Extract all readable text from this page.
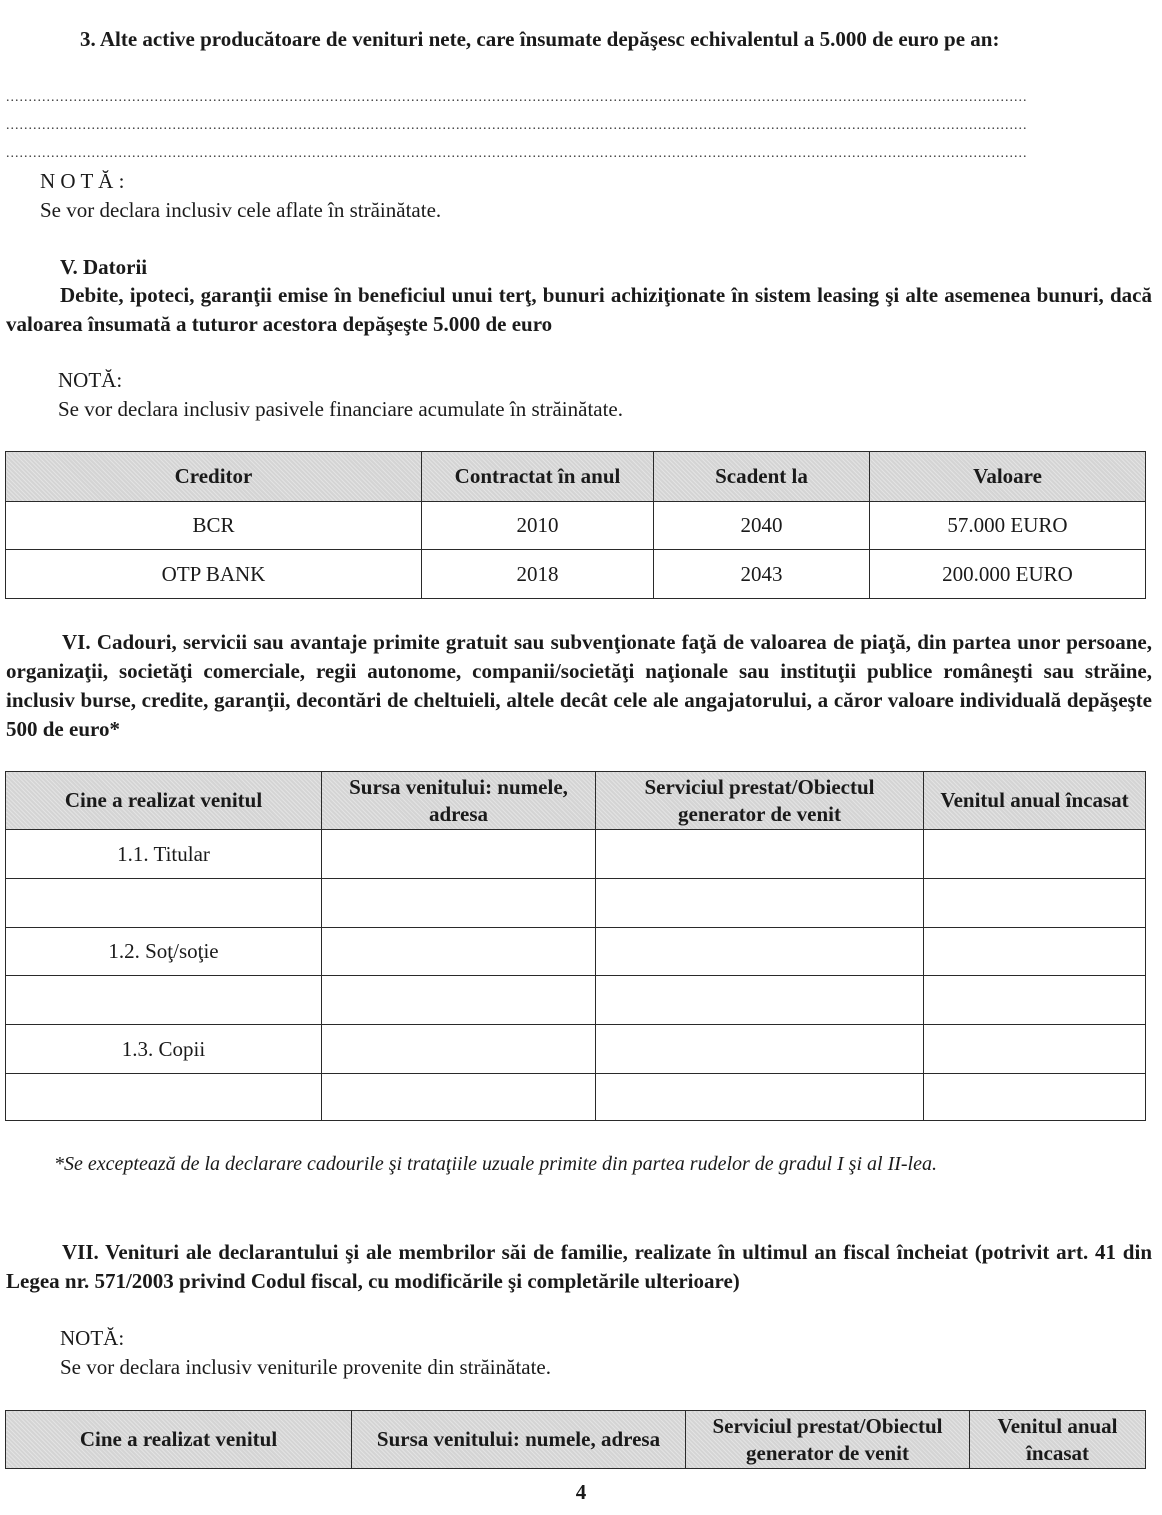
3. Alte active producătoare de venituri nete, care însumate depăşesc echivalentul a 5.000 de euro pe an:
...................................................................................................................................................................................................................................
...................................................................................................................................................................................................................................
...................................................................................................................................................................................................................................
N O T Ă :
Se vor declara inclusiv cele aflate în străinătate.
V. Datorii
Debite, ipoteci, garanţii emise în beneficiul unui terţ, bunuri achiziţionate în sistem leasing şi alte asemenea bunuri, dacă valoarea însumată a tuturor acestora depăşeşte 5.000 de euro
NOTĂ:
Se vor declara inclusiv pasivele financiare acumulate în străinătate.
Creditor	Contractat în anul	Scadent la	Valoare
BCR	2010	2040	57.000 EURO
OTP BANK	2018	2043	200.000 EURO
VI. Cadouri, servicii sau avantaje primite gratuit sau subvenţionate faţă de valoarea de piaţă, din partea unor persoane, organizaţii, societăţi comerciale, regii autonome, companii/societăţi naţionale sau instituţii publice româneşti sau străine, inclusiv burse, credite, garanţii, decontări de cheltuieli, altele decât cele ale angajatorului, a căror valoare individuală depăşeşte 500 de euro*
Cine a realizat venitul	Sursa venitului: numele, adresa	Serviciul prestat/Obiectul generator de venit	Venitul anual încasat
1.1. Titular			

1.2. Soţ/soţie			

1.3. Copii			

*Se exceptează de la declarare cadourile şi trataţiile uzuale primite din partea rudelor de gradul I şi al II-lea.
VII. Venituri ale declarantului şi ale membrilor săi de familie, realizate în ultimul an fiscal încheiat (potrivit art. 41 din Legea nr. 571/2003 privind Codul fiscal, cu modificările şi completările ulterioare)
NOTĂ:
Se vor declara inclusiv veniturile provenite din străinătate.
Cine a realizat venitul	Sursa venitului: numele, adresa	Serviciul prestat/Obiectul generator de venit	Venitul anual încasat
4
